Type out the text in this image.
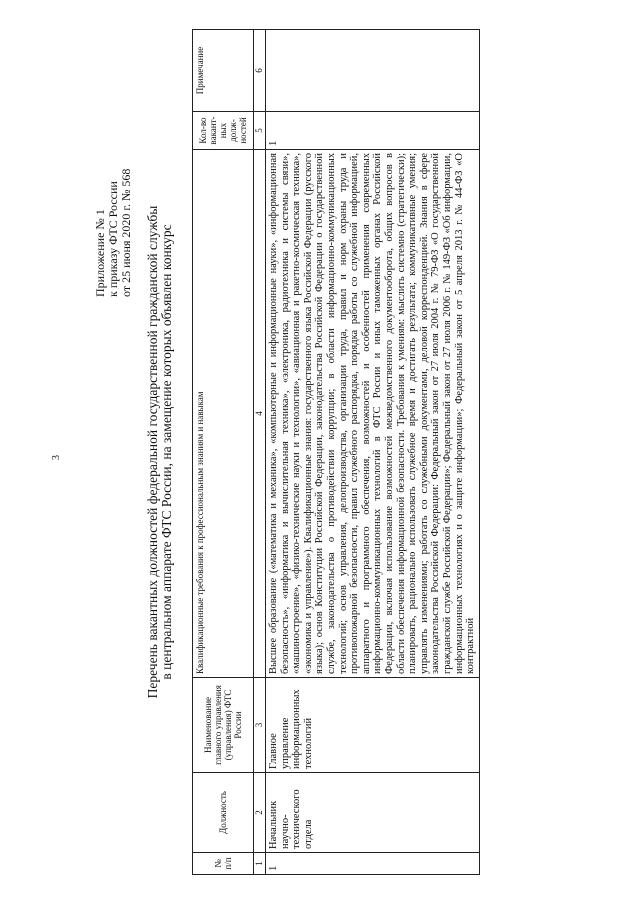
3
Приложение № 1 к приказу ФТС России от 25 июня 2020 г. № 568 Перечень вакантных должностей федеральной государственной гражданской службы в центральном аппарате ФТС России, на замещение которых объявлен конкурс
№ п/п	Должность	Наименование главного управления (управления) ФТС России	Квалификационные требования к профессиональным знаниям и навыкам	Кол-во вакант-ных долж-ностей	Примечание
1	2	3	4	5	6
1	Начальник научно-технического отдела	Главное управление информационных технологий	Высшее образование («математика и механика», «компьютерные и информационные науки», «информационная безопасность», «информатика и вычислительная техника», «электроника, радиотехника и системы связи», «машиностроение», «физико-технические науки и технологии», «авиационная и ракетно-космическая техника», «экономика и управление»). Квалификационные знания: государственного языка Российской Федерации (русского языка); основ Конституции Российской Федерации, законодательства Российской Федерации о государственной службе, законодательства о противодействии коррупции; в области информационно-коммуникационных технологий; основ управления, делопроизводства, организации труда, правил и норм охраны труда и противопожарной безопасности, правил служебного распорядка, порядка работы со служебной информацией, аппаратного и программного обеспечения, возможностей и особенностей применения современных информационно-коммуникационных технологий в ФТС России и иных таможенных органах Российской Федерации, включая использование возможностей межведомственного документооборота, общих вопросов в области обеспечения информационной безопасности. Требования к умениям: мыслить системно (стратегически); планировать, рационально использовать служебное время и достигать результата; коммуникативные умения; управлять изменениями; работать со служебными документами, деловой корреспонденцией. Знания в сфере законодательства Российской Федерации: Федеральный закон от 27 июля 2004 г. № 79-ФЗ «О государственной гражданской службе Российской Федерации»; Федеральный закон от 27 июля 2006 г. № 149-ФЗ «Об информации, информационных технологиях и о защите информации»; Федеральный закон от 5 апреля 2013 г. № 44-ФЗ «О контрактной	1	
